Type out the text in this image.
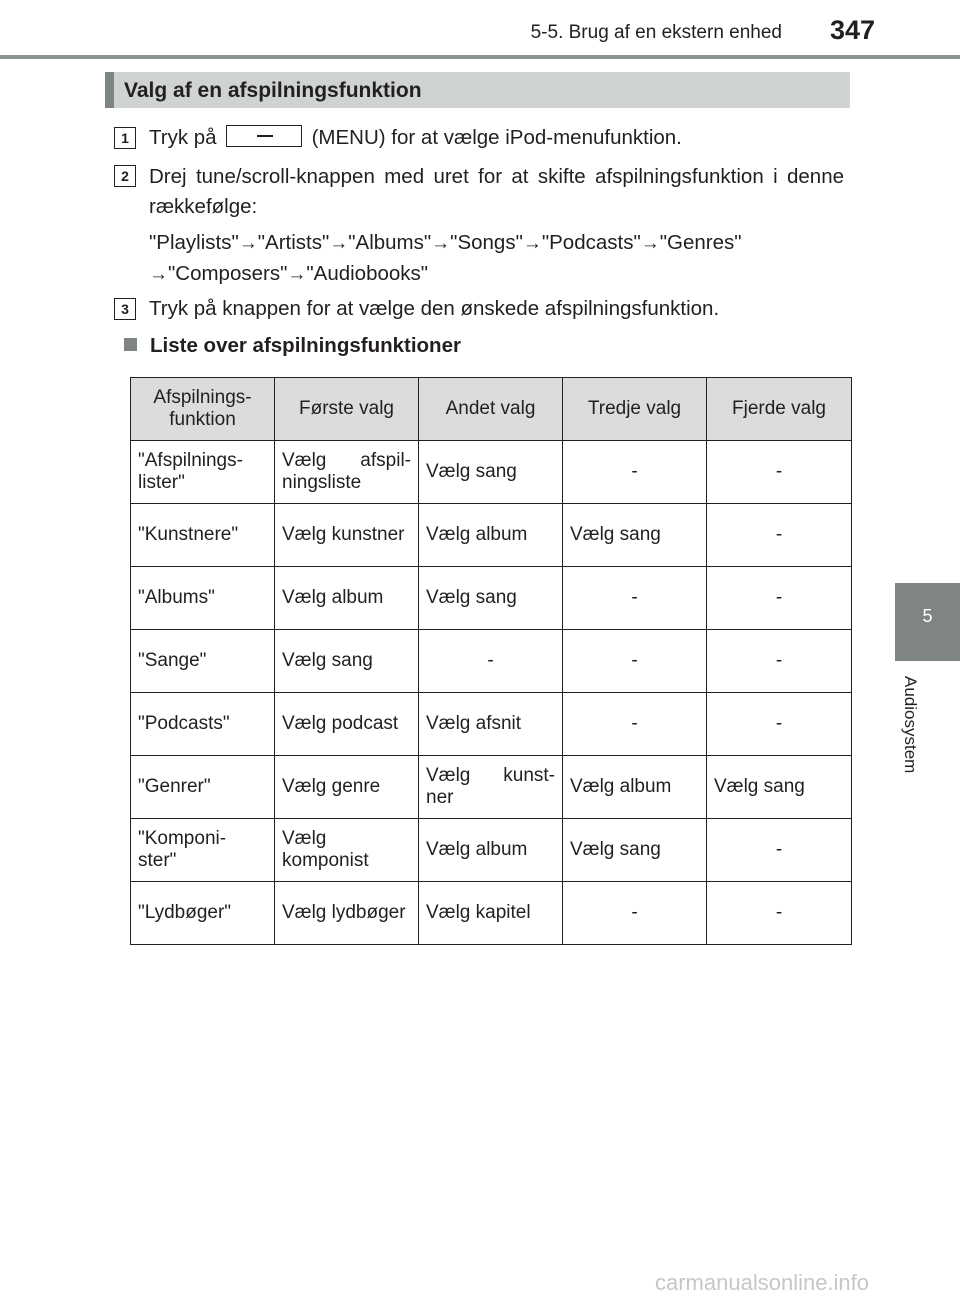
5-5. Brug af en ekstern enhed 347
5
Audiosystem
Valg af en afspilningsfunktion
1 Tryk på	(MENU) for at vælge iPod-menufunktion.
2 Drej tune/scroll-knappen med uret for at skifte afspilningsfunktion i denne rækkefølge:
"Playlists"→"Artists"→"Albums"→"Songs"→"Podcasts"→"Genres"
→"Composers"→"Audiobooks"
3 Tryk på knappen for at vælge den ønskede afspilningsfunktion.
Liste over afspilningsfunktioner
Afspilnings- funktion	Første valg	Andet valg	Tredje valg	Fjerde valg
"Afspilnings- lister"	Vælg afspil- ningsliste	Vælg sang	-	-
"Kunstnere"	Vælg kunstner	Vælg album	Vælg sang	-
"Albums"	Vælg album	Vælg sang	-	-
"Sange"	Vælg sang	-	-	-
"Podcasts"	Vælg podcast	Vælg afsnit	-	-
"Genrer"	Vælg genre	Vælg kunst- ner	Vælg album	Vælg sang
"Komponi- ster"	Vælg komponist	Vælg album	Vælg sang	-
"Lydbøger"	Vælg lydbøger	Vælg kapitel	-	-
carmanualsonline.info
